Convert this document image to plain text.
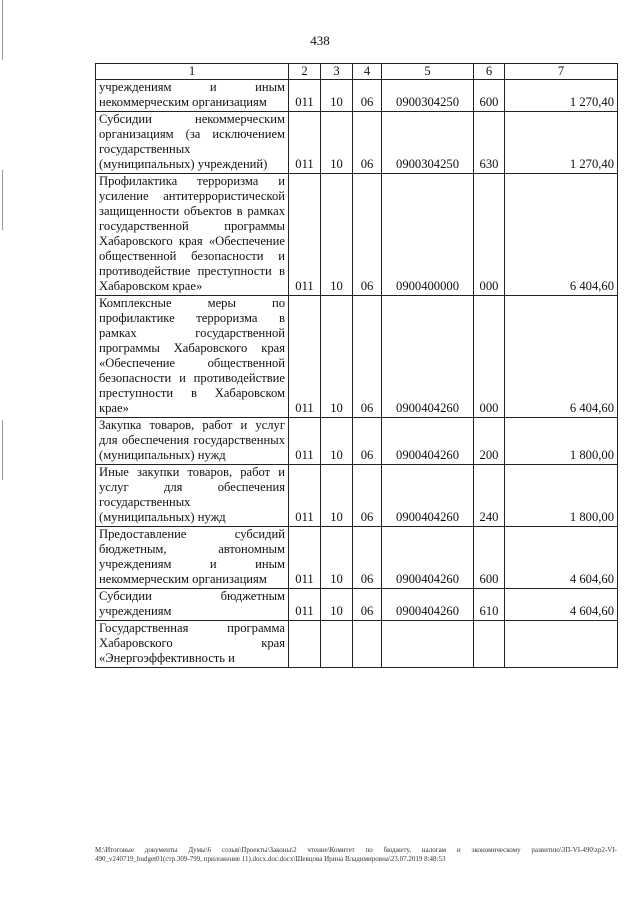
438
1	2	3	4	5	6	7
учреждениям и иным некоммерческим организациям	011	10	06	0900304250	600	1 270,40
Субсидии некоммерческим организациям (за исключением государственных (муниципальных) учреждений)	011	10	06	0900304250	630	1 270,40
Профилактика терроризма и усиление антитеррористической защищенности объектов в рамках государственной программы Хабаровского края «Обеспечение общественной безопасности и противодействие преступности в Хабаровском крае»	011	10	06	0900400000	000	6 404,60
Комплексные меры по профилактике терроризма в рамках государственной программы Хабаровского края «Обеспечение общественной безопасности и противодействие преступности в Хабаровском крае»	011	10	06	0900404260	000	6 404,60
Закупка товаров, работ и услуг для обеспечения государственных (муниципальных) нужд	011	10	06	0900404260	200	1 800,00
Иные закупки товаров, работ и услуг для обеспечения государственных (муниципальных) нужд	011	10	06	0900404260	240	1 800,00
Предоставление субсидий бюджетным, автономным учреждениям и иным некоммерческим организациям	011	10	06	0900404260	600	4 604,60
Субсидии бюджетным учреждениям	011	10	06	0900404260	610	4 604,60
Государственная программа Хабаровского края «Энергоэффективность и						
M:\Итоговые документы Думы\6 созыв\Проекты\Законы\2 чтение\Комитет по бюджету, налогам и экономическому развитию\ЗП-VI-490\zp2-VI-490_v240719_budget01(стр.309-799, приложение 11).docx.doc.docx\Шевцова Ирина Владимировна\23.07.2019 8:48:53
